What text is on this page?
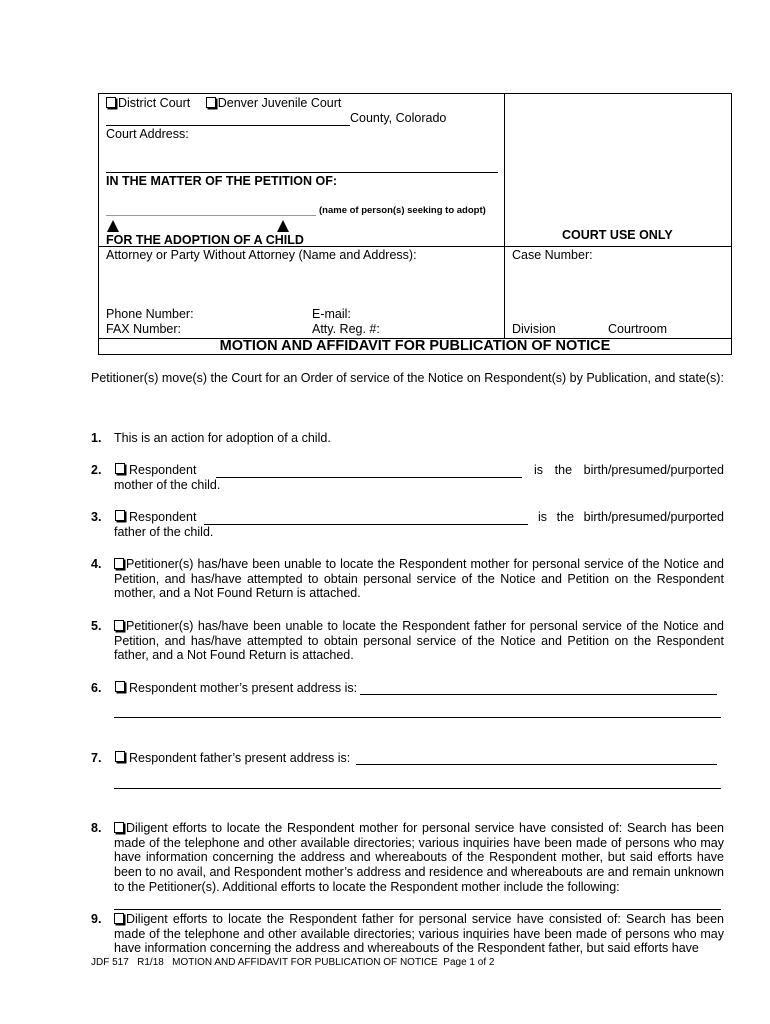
District Court Denver Juvenile Court
County, Colorado
Court Address:
IN THE MATTER OF THE PETITION OF:
(name of person(s) seeking to adopt)
FOR THE ADOPTION OF A CHILD	COURT USE ONLY
Attorney or Party Without Attorney (Name and Address):	Case Number:
Phone Number:	E-mail:
FAX Number:	Atty. Reg. #:	Division	Courtroom
MOTION AND AFFIDAVIT FOR PUBLICATION OF NOTICE
Petitioner(s) move(s) the Court for an Order of service of the Notice on Respondent(s) by Publication, and state(s):
1. This is an action for adoption of a child.
2. Respondent	is the birth/presumed/purported
mother of the child.
3. Respondent	is the birth/presumed/purported
father of the child.
4.	Petitioner(s) has/have been unable to locate the Respondent mother for personal service of the Notice and Petition, and has/have attempted to obtain personal service of the Notice and Petition on the Respondent mother, and a Not Found Return is attached.
5.	Petitioner(s) has/have been unable to locate the Respondent father for personal service of the Notice and Petition, and has/have attempted to obtain personal service of the Notice and Petition on the Respondent father, and a Not Found Return is attached.
6. Respondent mother’s present address is:
7. Respondent father’s present address is:
8.	Diligent efforts to locate the Respondent mother for personal service have consisted of: Search has been made of the telephone and other available directories; various inquiries have been made of persons who may have information concerning the address and whereabouts of the Respondent mother, but said efforts have been to no avail, and Respondent mother’s address and residence and whereabouts are and remain unknown to the Petitioner(s). Additional efforts to locate the Respondent mother include the following:
9.	Diligent efforts to locate the Respondent father for personal service have consisted of: Search has been made of the telephone and other available directories; various inquiries have been made of persons who may have information concerning the address and whereabouts of the Respondent father, but said efforts have
JDF 517   R1/18   MOTION AND AFFIDAVIT FOR PUBLICATION OF NOTICE  Page 1 of 2
